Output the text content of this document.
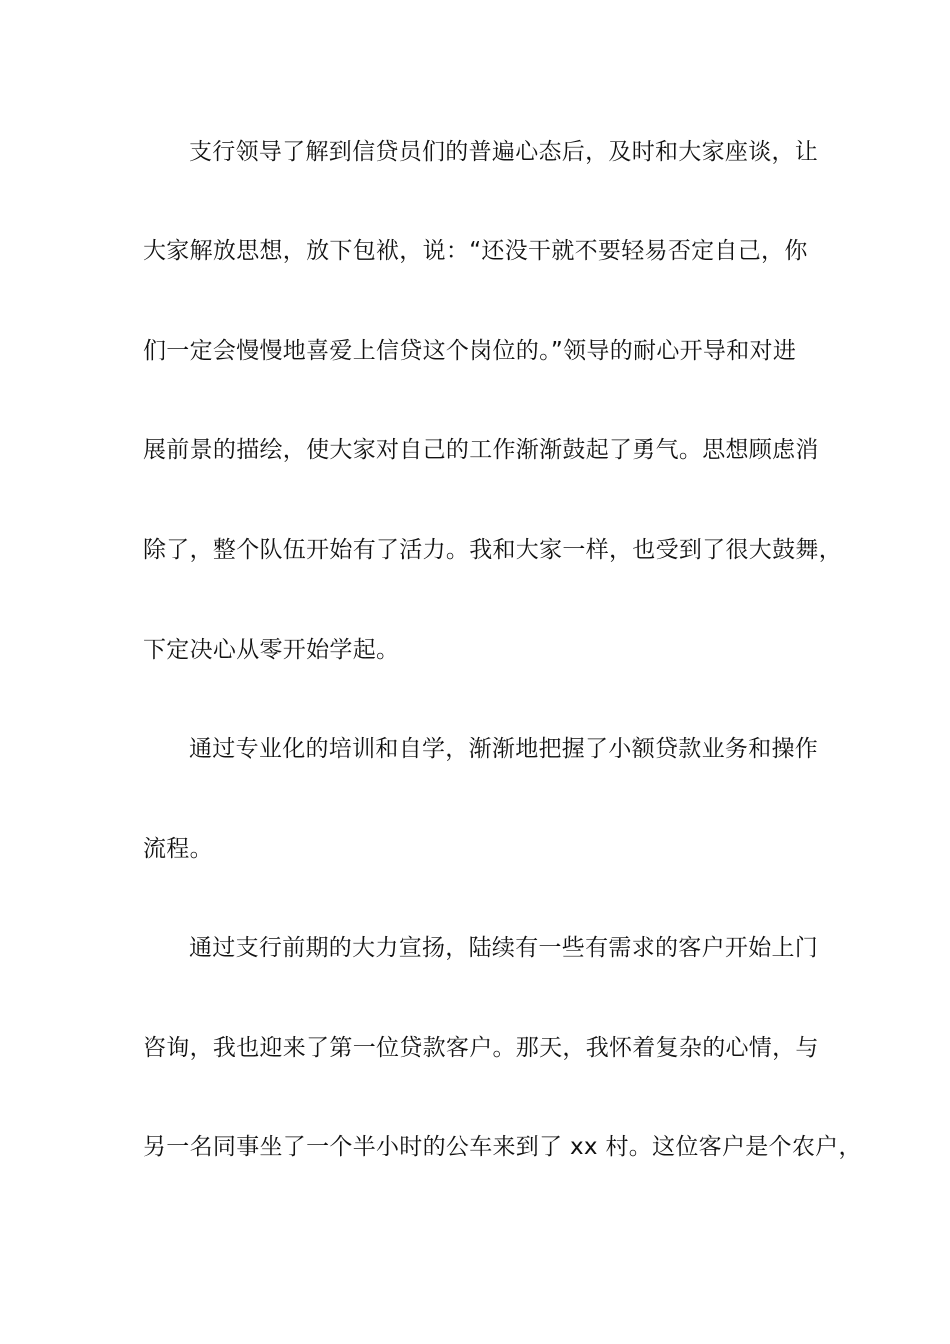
支行领导了解到信贷员们的普遍心态后，及时和大家座谈，让
大家解放思想，放下包袱，说：“还没干就不要轻易否定自己，你
们一定会慢慢地喜爱上信贷这个岗位的。”领导的耐心开导和对进
展前景的描绘，使大家对自己的工作渐渐鼓起了勇气。思想顾虑消
除了，整个队伍开始有了活力。我和大家一样，也受到了很大鼓舞，
下定决心从零开始学起。
通过专业化的培训和自学，渐渐地把握了小额贷款业务和操作
流程。
通过支行前期的大力宣扬，陆续有一些有需求的客户开始上门
咨询，我也迎来了第一位贷款客户。那天，我怀着复杂的心情，与
另一名同事坐了一个半小时的公车来到了 xx 村。这位客户是个农户，
